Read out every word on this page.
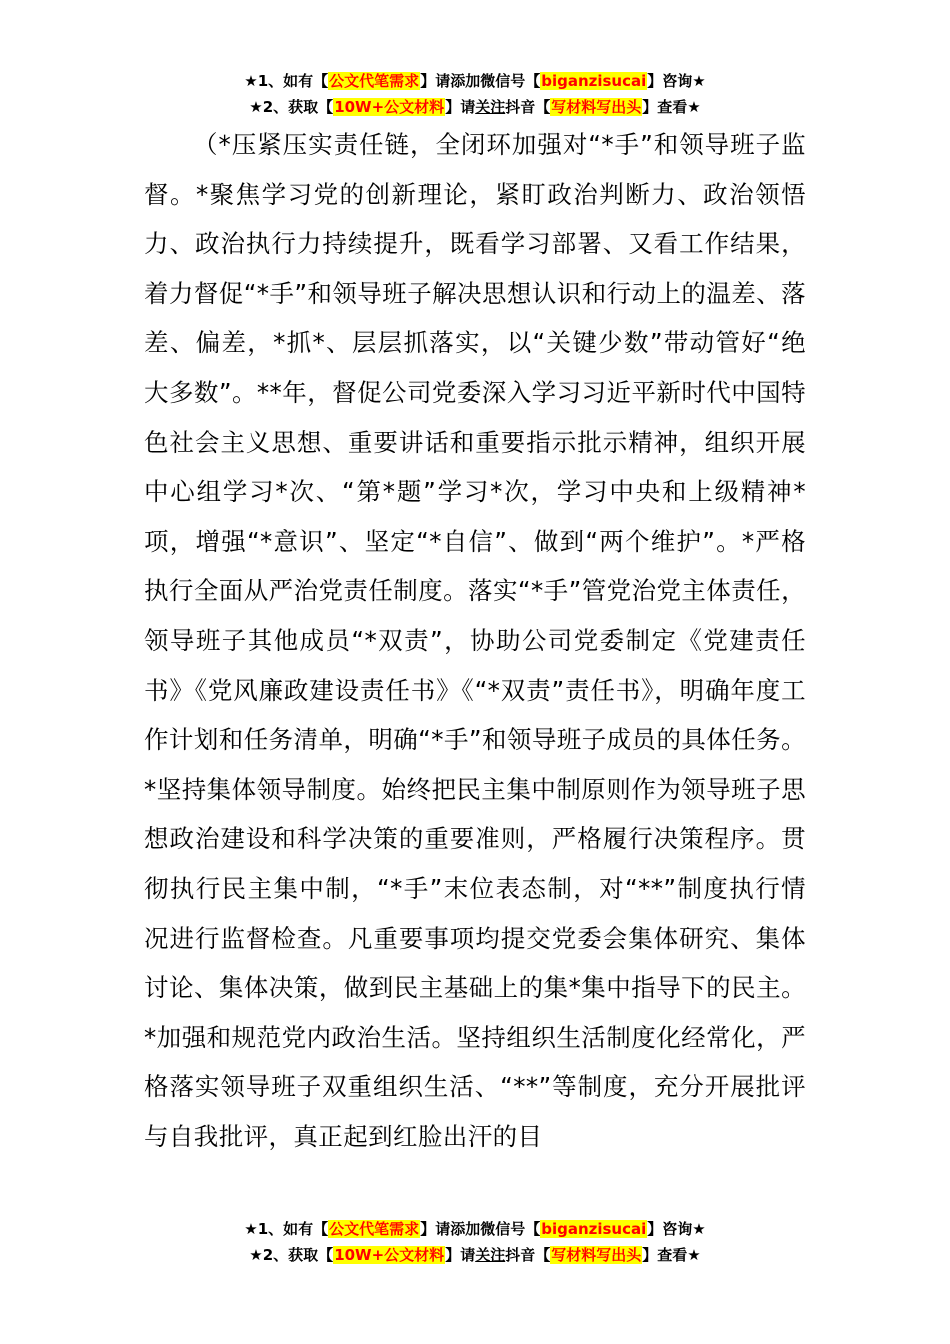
★1、如有【公文代笔需求】请添加微信号【biganzisucai】咨询★
★2、获取【10W+公文材料】请关注抖音【写材料写出头】查看★
（*压紧压实责任链，全闭环加强对“*手”和领导班子监督。*聚焦学习党的创新理论，紧盯政治判断力、政治领悟力、政治执行力持续提升，既看学习部署、又看工作结果，着力督促“*手”和领导班子解决思想认识和行动上的温差、落差、偏差，*抓*、层层抓落实，以“关键少数”带动管好“绝大多数”。**年，督促公司党委深入学习习近平新时代中国特色社会主义思想、重要讲话和重要指示批示精神，组织开展中心组学习*次、“第*题”学习*次，学习中央和上级精神*项，增强“*意识”、坚定“*自信”、做到“两个维护”。*严格执行全面从严治党责任制度。落实“*手”管党治党主体责任，领导班子其他成员“*双责”，协助公司党委制定《党建责任书》《党风廉政建设责任书》《“*双责”责任书》，明确年度工作计划和任务清单，明确“*手”和领导班子成员的具体任务。*坚持集体领导制度。始终把民主集中制原则作为领导班子思想政治建设和科学决策的重要准则，严格履行决策程序。贯彻执行民主集中制，“*手”末位表态制，对“**”制度执行情况进行监督检查。凡重要事项均提交党委会集体研究、集体讨论、集体决策，做到民主基础上的集*集中指导下的民主。*加强和规范党内政治生活。坚持组织生活制度化经常化，严格落实领导班子双重组织生活、“**”等制度，充分开展批评与自我批评，真正起到红脸出汗的目
★1、如有【公文代笔需求】请添加微信号【biganzisucai】咨询★
★2、获取【10W+公文材料】请关注抖音【写材料写出头】查看★
